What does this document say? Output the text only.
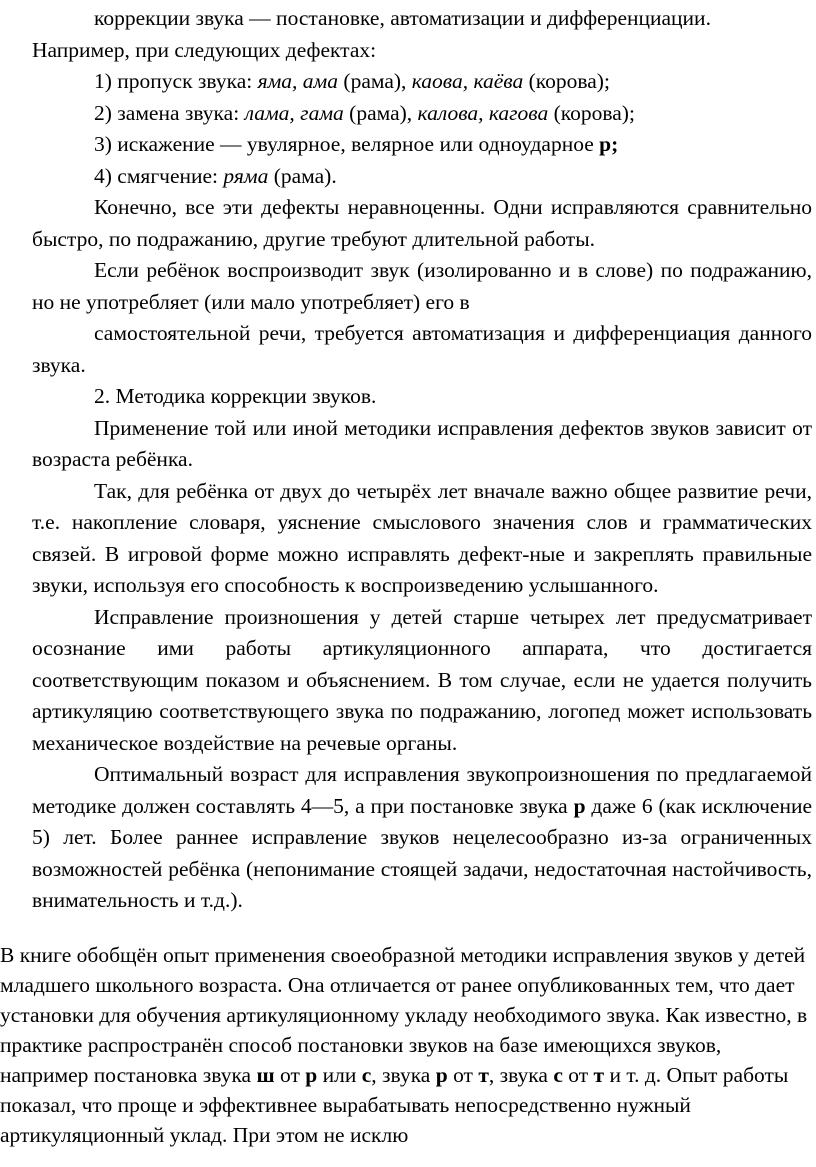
коррекции звука — постановке, автоматизации и дифференциации.

Например, при следующих дефектах:

1) пропуск звука: яма, ама (рама), каова, каёва (корова);

2) замена звука: лама, гама (рама), калова, кагова (корова);

3) искажение — увулярное, велярное или одноударное р;

4) смягчение: ряма (рама).

Конечно, все эти дефекты неравноценны. Одни исправляются сравнительно быстро, по подражанию, другие требуют длительной работы.

Если ребёнок воспроизводит звук (изолированно и в слове) по подражанию, но не употребляет (или мало употребляет) его в

самостоятельной речи, требуется автоматизация и дифференциация данного звука.

2. Методика коррекции звуков.

Применение той или иной методики исправления дефектов звуков зависит от возраста ребёнка.

Так, для ребёнка от двух до четырёх лет вначале важно общее развитие речи, т.е. накопление словаря, уяснение смыслового значения слов и грамматических связей. В игровой форме можно исправлять дефект-ные и закреплять правильные звуки, используя его способность к воспроизведению услышанного.

Исправление произношения у детей старше четырех лет предусматривает осознание ими работы артикуляционного аппарата, что достигается соответствующим показом и объяснением. В том случае, если не удается получить артикуляцию соответствующего звука по подражанию, логопед может использовать механическое воздействие на речевые органы.

Оптимальный возраст для исправления звукопроизношения по предлагаемой методике должен составлять 4—5, а при постановке звука р даже 6 (как исключение 5) лет. Более раннее исправление звуков нецелесообразно из-за ограниченных возможностей ребёнка (непонимание стоящей задачи, недостаточная настойчивость, внимательность и т.д.).

В книге обобщён опыт применения своеобразной методики исправления звуков у детей младшего школьного возраста. Она отличается от ранее опубликованных тем, что дает установки для обучения артикуляционному укладу необходимого звука. Как известно, в практике распространён способ постановки звуков на базе имеющихся звуков, например постановка звука ш от р или с, звука р от т, звука с от т и т. д. Опыт работы показал, что проще и эффективнее вырабатывать непосредственно нужный артикуляционный уклад. При этом не исклю
